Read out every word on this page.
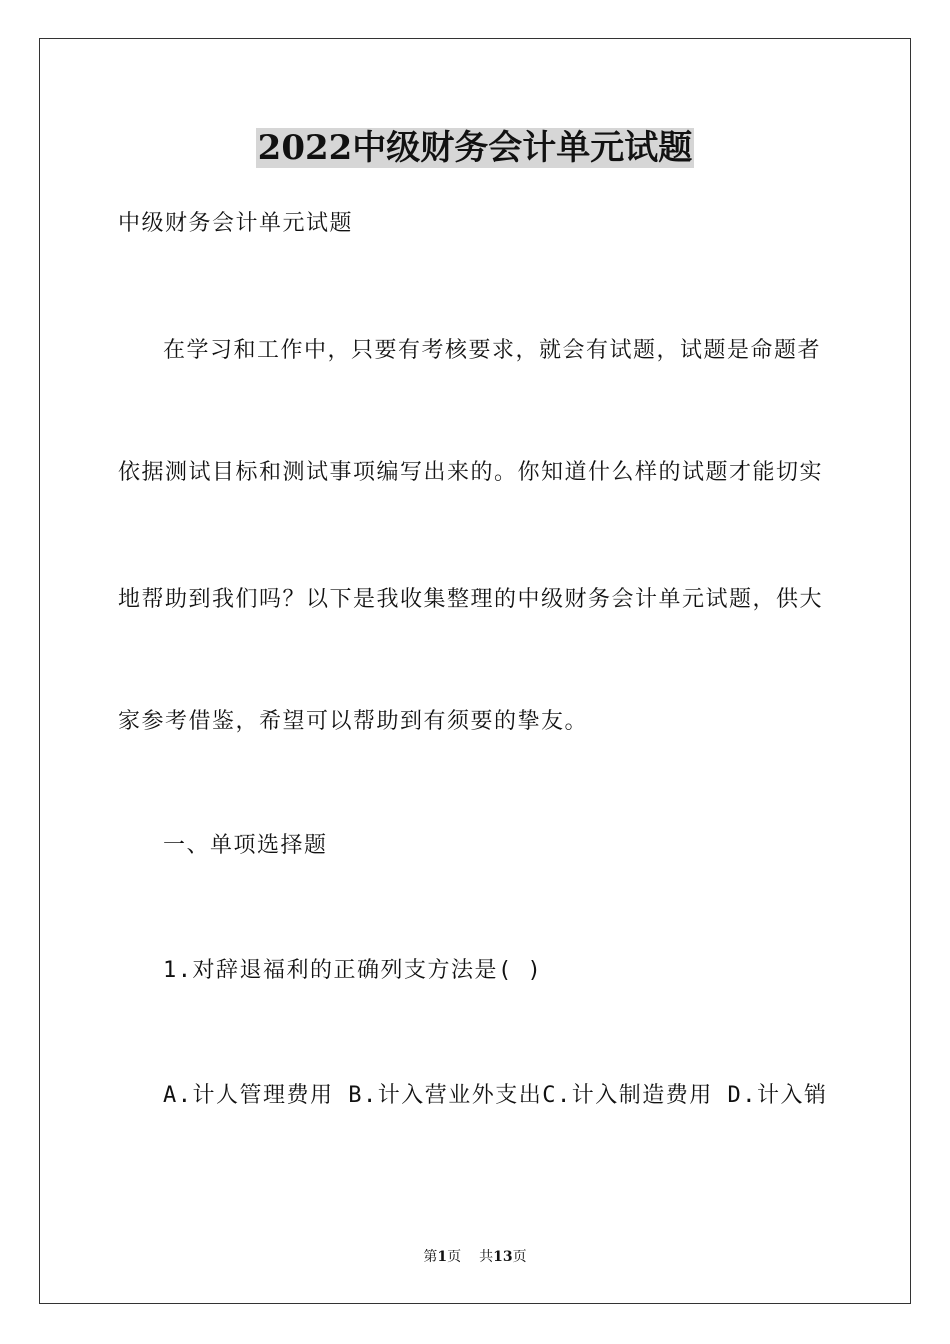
2022中级财务会计单元试题
中级财务会计单元试题
在学习和工作中，只要有考核要求，就会有试题，试题是命题者
依据测试目标和测试事项编写出来的。你知道什么样的试题才能切实
地帮助到我们吗？以下是我收集整理的中级财务会计单元试题，供大
家参考借鉴，希望可以帮助到有须要的挚友。
一、单项选择题
1.对辞退福利的正确列支方法是( )
A.计人管理费用 B.计入营业外支出C.计入制造费用 D.计入销
第1页 共13页
